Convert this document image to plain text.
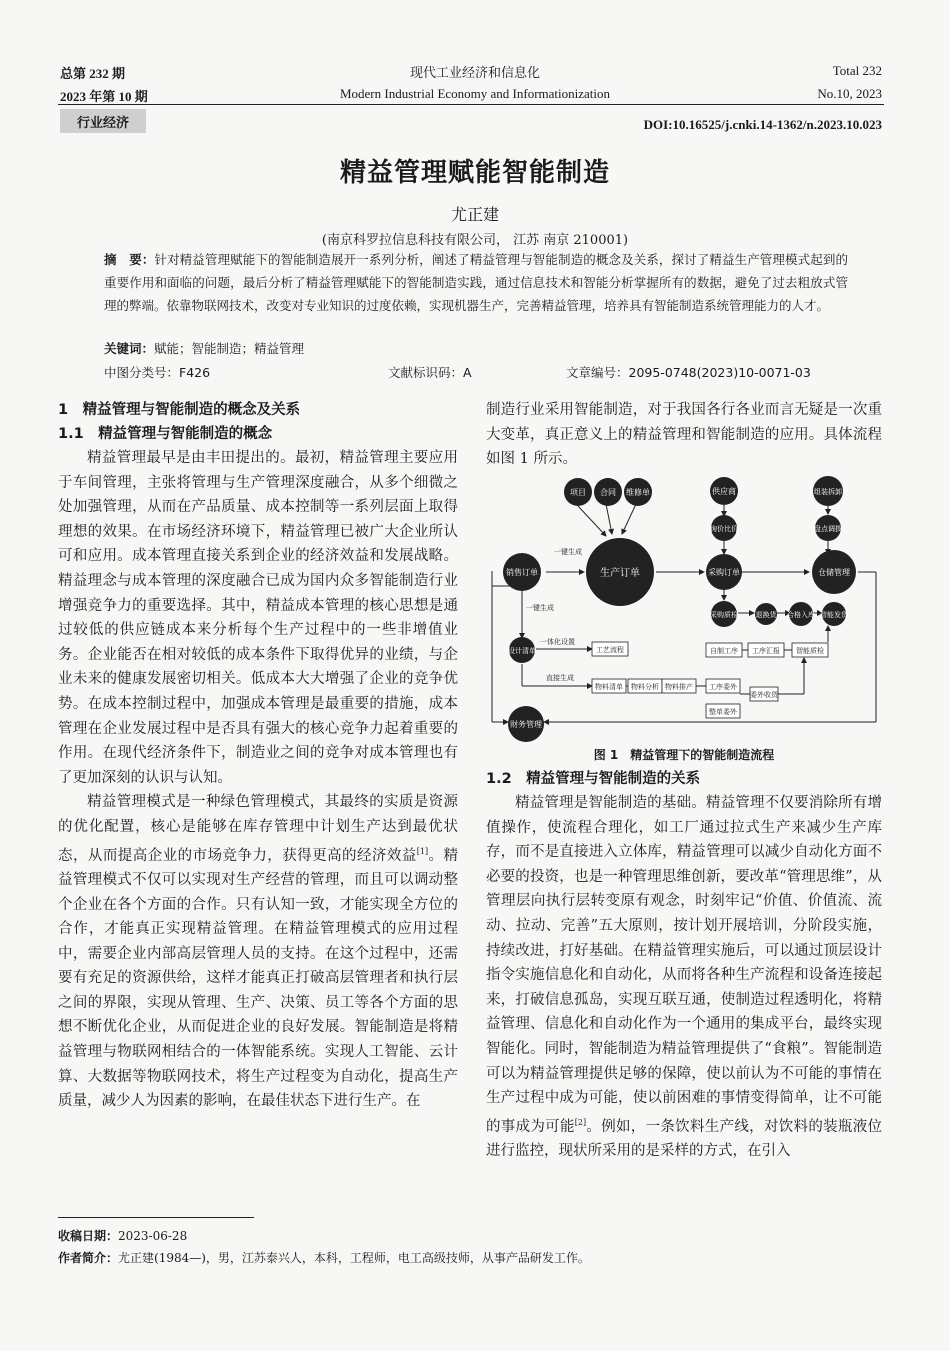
总第 232 期
2023 年第 10 期
现代工业经济和信息化
Modern Industrial Economy and Informationization
Total 232
No.10, 2023
行业经济	DOI:10.16525/j.cnki.14-1362/n.2023.10.023
精益管理赋能智能制造
尤正建
(南京科罗拉信息科技有限公司， 江苏 南京 210001)
摘　要：针对精益管理赋能下的智能制造展开一系列分析，阐述了精益管理与智能制造的概念及关系，探讨了精益生产管理模式起到的重要作用和面临的问题，最后分析了精益管理赋能下的智能制造实践，通过信息技术和智能分析掌握所有的数据，避免了过去粗放式管理的弊端。依靠物联网技术，改变对专业知识的过度依赖，实现机器生产，完善精益管理，培养具有智能制造系统管理能力的人才。
关键词：赋能；智能制造；精益管理
中图分类号：F426	文献标识码：A	文章编号：2095-0748(2023)10-0071-03
1　精益管理与智能制造的概念及关系
1.1　精益管理与智能制造的概念

精益管理最早是由丰田提出的。最初，精益管理主要应用于车间管理，主张将管理与生产管理深度融合，从多个细微之处加强管理，从而在产品质量、成本控制等一系列层面上取得理想的效果。在市场经济环境下，精益管理已被广大企业所认可和应用。成本管理直接关系到企业的经济效益和发展战略。精益理念与成本管理的深度融合已成为国内众多智能制造行业增强竞争力的重要选择。其中，精益成本管理的核心思想是通过较低的供应链成本来分析每个生产过程中的一些非增值业务。企业能否在相对较低的成本条件下取得优异的业绩，与企业未来的健康发展密切相关。低成本大大增强了企业的竞争优势。在成本控制过程中，加强成本管理是最重要的措施，成本管理在企业发展过程中是否具有强大的核心竞争力起着重要的作用。在现代经济条件下，制造业之间的竞争对成本管理也有了更加深刻的认识与认知。

精益管理模式是一种绿色管理模式，其最终的实质是资源的优化配置，核心是能够在库存管理中计划生产达到最优状态，从而提高企业的市场竞争力，获得更高的经济效益[1]。精益管理模式不仅可以实现对生产经营的管理，而且可以调动整个企业在各个方面的合作。只有认知一致，才能实现全方位的合作，才能真正实现精益管理。在精益管理模式的应用过程中，需要企业内部高层管理人员的支持。在这个过程中，还需要有充足的资源供给，这样才能真正打破高层管理者和执行层之间的界限，实现从管理、生产、决策、员工等各个方面的思想不断优化企业，从而促进企业的良好发展。智能制造是将精益管理与物联网相结合的一体智能系统。实现人工智能、云计算、大数据等物联网技术，将生产过程变为自动化，提高生产质量，减少人为因素的影响，在最佳状态下进行生产。在

制造行业采用智能制造，对于我国各行各业而言无疑是一次重大变革，真正意义上的精益管理和智能制造的应用。具体流程如图 1 所示。

项目 合同 维修单	供应商
询价比价
组装拆卸
盘点调拨
销售订单	生产订单	采购订单	仓储管理
设计清单
采购质检	退换货 合格入库 智能发货
财务管理
一键生成
一键生成
一体化设置
直接生成
工艺流程
物料清单 物料分析 物料排产
自制工序 工序汇报 智能质检
工序委外
委外收货
整单委外
图 1　精益管理下的智能制造流程
1.2　精益管理与智能制造的关系

精益管理是智能制造的基础。精益管理不仅要消除所有增值操作，使流程合理化，如工厂通过拉式生产来减少生产库存，而不是直接进入立体库，精益管理可以减少自动化方面不必要的投资，也是一种管理思维创新，要改革“管理思维”，从管理层向执行层转变原有观念，时刻牢记“价值、价值流、流动、拉动、完善”五大原则，按计划开展培训，分阶段实施，持续改进，打好基础。在精益管理实施后，可以通过顶层设计指令实施信息化和自动化，从而将各种生产流程和设备连接起来，打破信息孤岛，实现互联互通，使制造过程透明化，将精益管理、信息化和自动化作为一个通用的集成平台，最终实现智能化。同时，智能制造为精益管理提供了“食粮”。智能制造可以为精益管理提供足够的保障，使以前认为不可能的事情在生产过程中成为可能，使以前困难的事情变得简单，让不可能的事成为可能[2]。例如，一条饮料生产线，对饮料的装瓶液位进行监控，现状所采用的是采样的方式，在引入

收稿日期：2023-06-28
作者简介：尤正建(1984—)，男，江苏泰兴人，本科，工程师，电工高级技师，从事产品研发工作。
